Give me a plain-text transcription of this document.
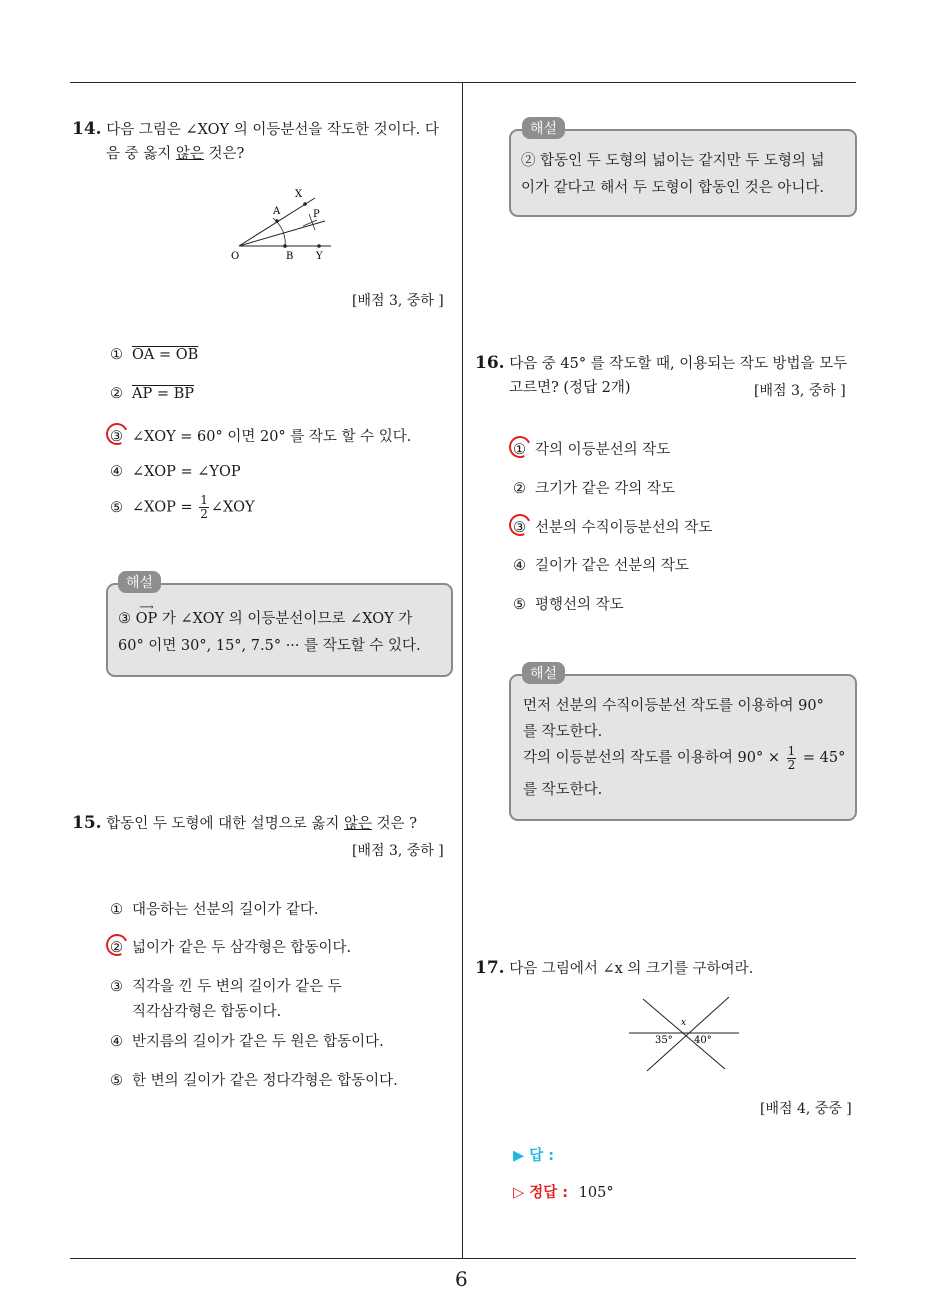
14. 다음 그림은 ∠XOY 의 이등분선을 작도한 것이다. 다
음 중 옳지 않은 것은?
X
A	P
O	B Y
[배점 3, 중하 ]
① OA = OB
② AP = BP
③ ∠XOY = 60° 이면 20° 를 작도 할 수 있다.
④ ∠XOP = ∠YOP
⑤ ∠XOP = $\frac{1}{2}$ ∠XOY
③
⟶
OP 가 ∠XOY 의 이등분선이므로 ∠XOY 가
60° 이면 30°, 15°, 7.5° ··· 를 작도할 수 있다.
해설
15. 합동인 두 도형에 대한 설명으로 옳지 않은 것은 ?
[배점 3, 중하 ]
① 대응하는 선분의 길이가 같다.
② 넓이가 같은 두 삼각형은 합동이다.
③ 직각을 낀 두 변의 길이가 같은 두
직각삼각형은 합동이다.
④ 반지름의 길이가 같은 두 원은 합동이다.
⑤ 한 변의 길이가 같은 정다각형은 합동이다.
② 합동인 두 도형의 넓이는 같지만 두 도형의 넓
이가 같다고 해서 두 도형이 합동인 것은 아니다.
해설
16. 다음 중 45° 를 작도할 때, 이용되는 작도 방법을 모두
고르면? (정답 2개)	[배점 3, 중하 ]
① 각의 이등분선의 작도
② 크기가 같은 각의 작도
③ 선분의 수직이등분선의 작도
④ 길이가 같은 선분의 작도
⑤ 평행선의 작도
먼저 선분의 수직이등분선 작도를 이용하여 90°
를 작도한다.
각의 이등분선의 작도를 이용하여 $90^\circ \times \frac{1}{2} = 45^\circ$
를 작도한다.
해설
17. 다음 그림에서 ∠x 의 크기를 구하여라.
x
35° 40°
[배점 4, 중중 ]
▶ 답 :
▷ 정답 : 105°
6
